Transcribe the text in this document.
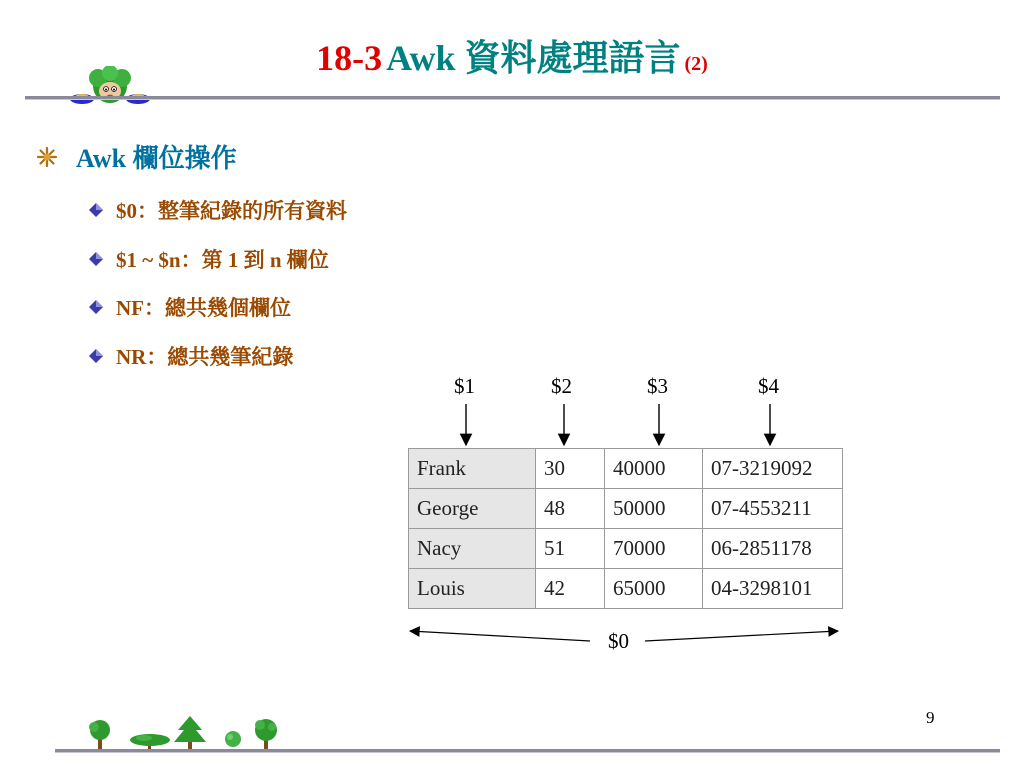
18-3 Awk 資料處理語言 (2)
Awk 欄位操作
$0：整筆紀錄的所有資料
$1 ~ $n：第 1 到 n 欄位
NF：總共幾個欄位
NR：總共幾筆紀錄
$1	$2	$3	$4
Frank	30	40000	07-3219092
George	48	50000	07-4553211
Nacy	51	70000	06-2851178
Louis	42	65000	04-3298101
$0
9
